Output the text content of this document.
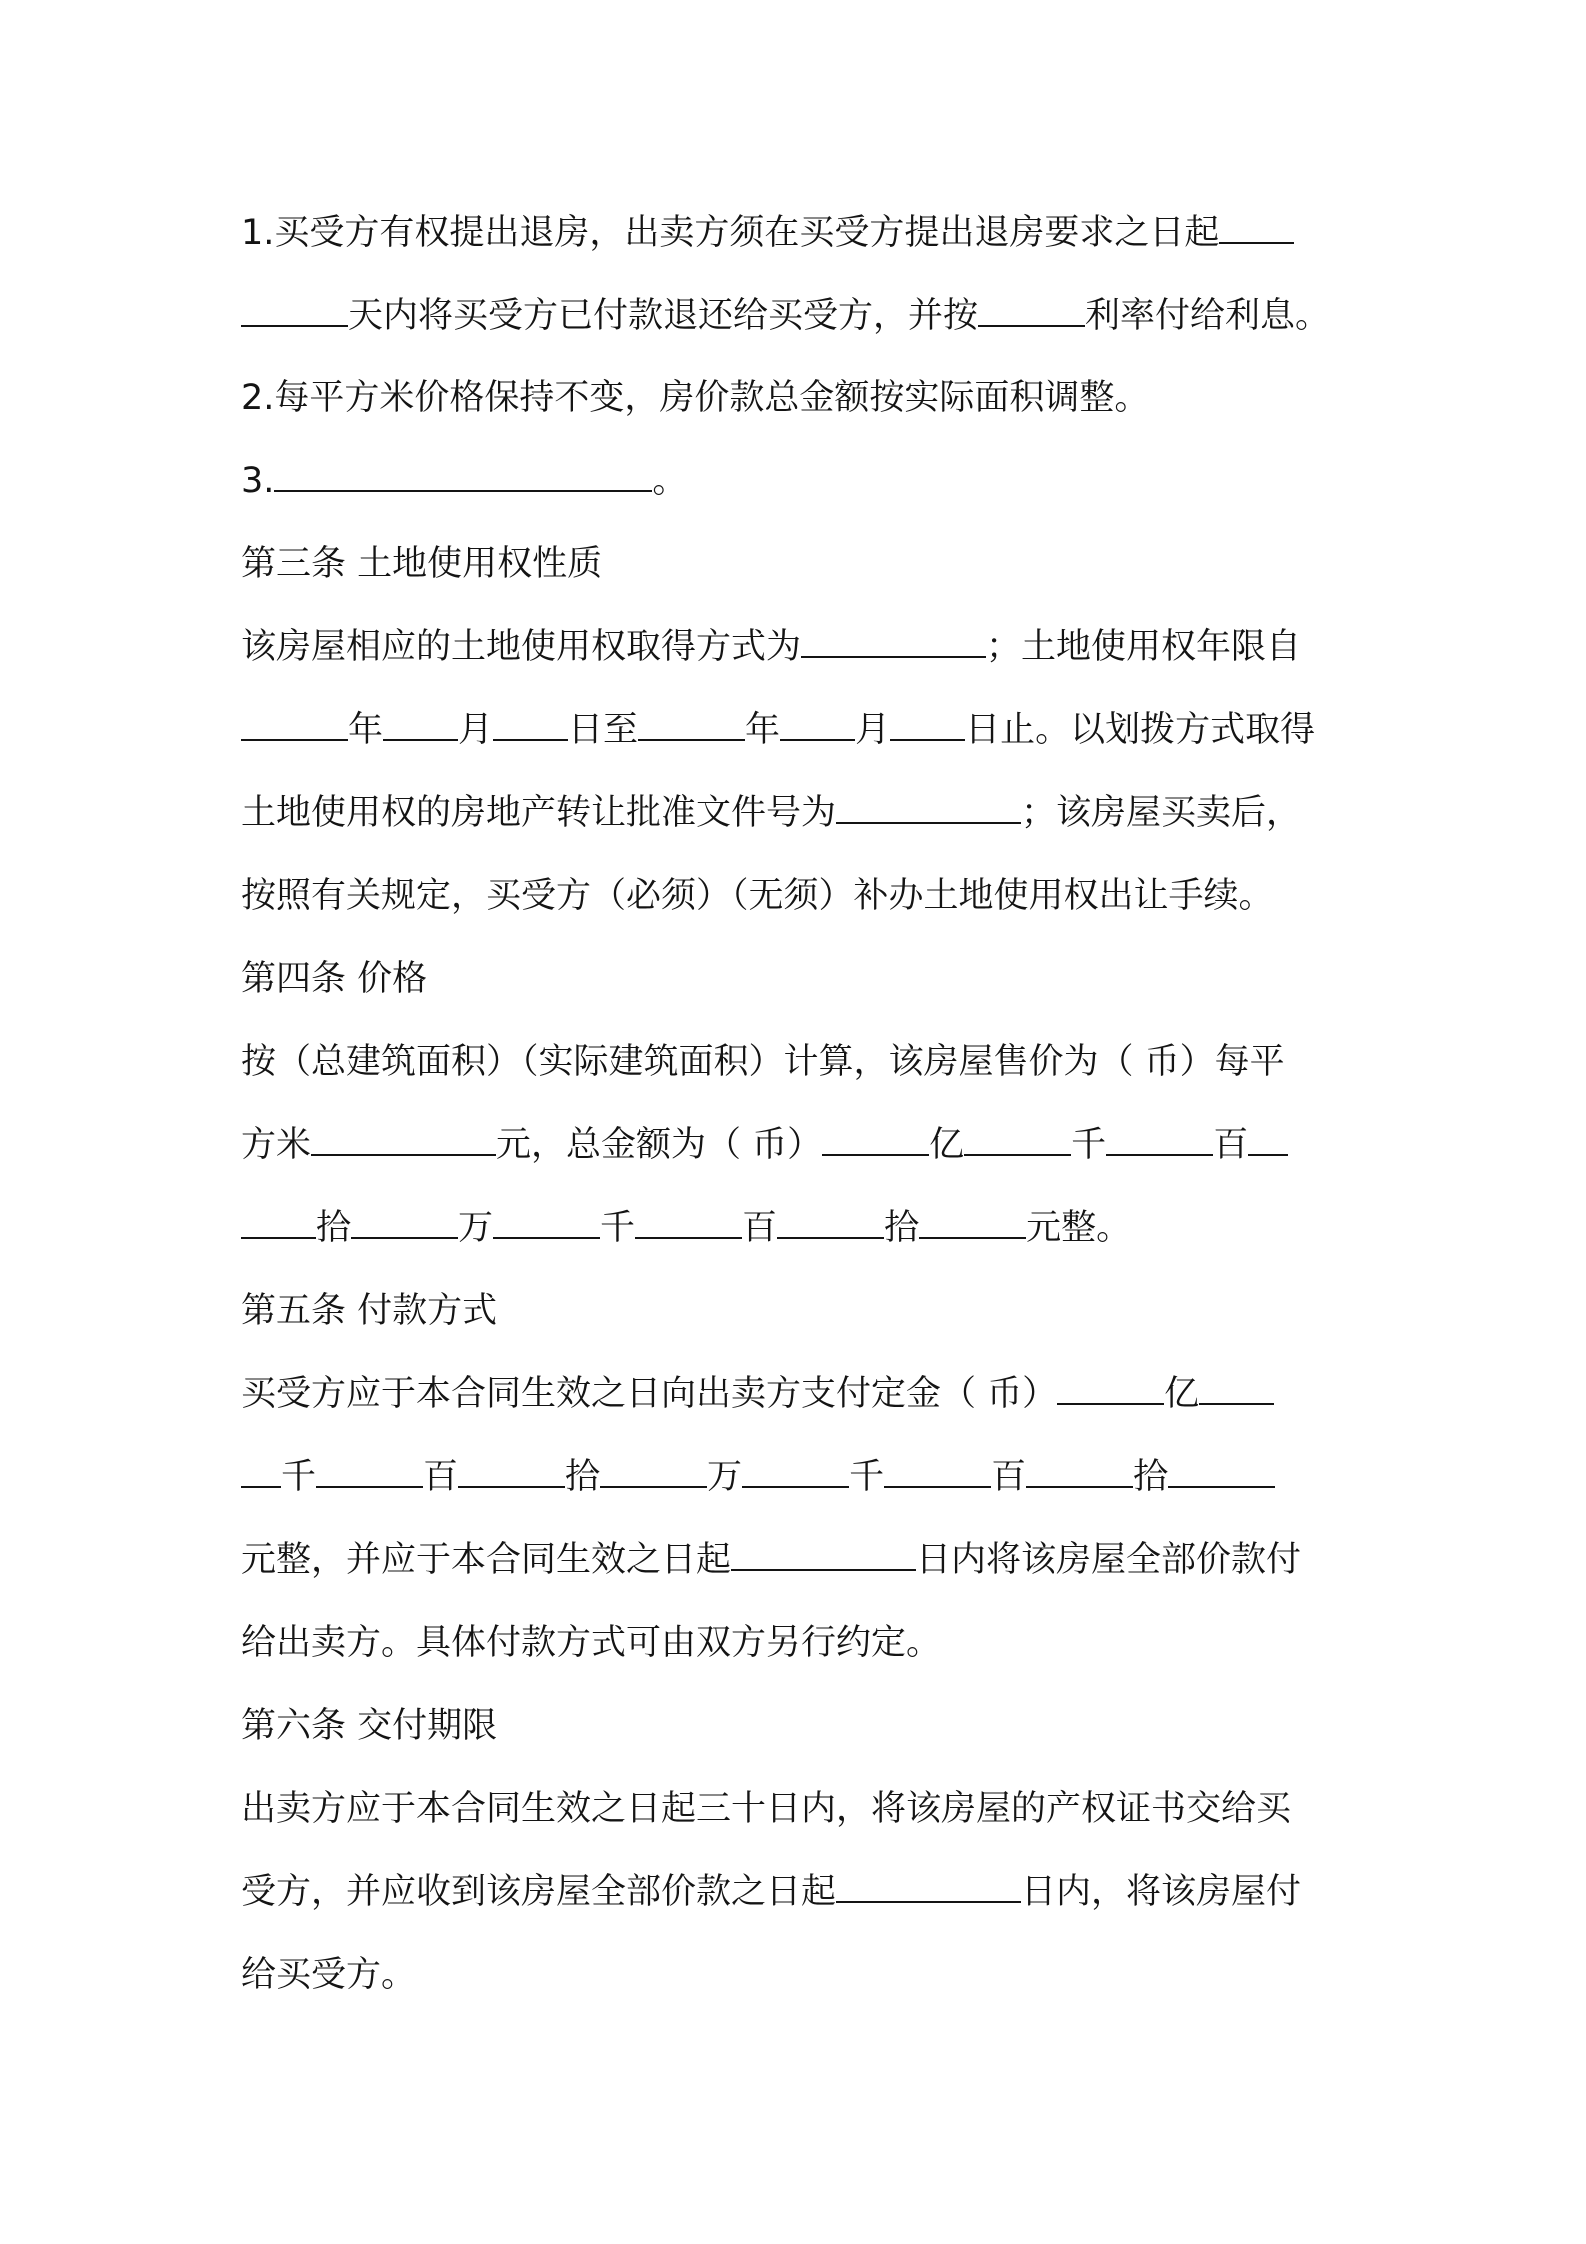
1.买受方有权提出退房，出卖方须在买受方提出退房要求之日起
天内将买受方已付款退还给买受方，并按	利率付给利息。
2.每平方米价格保持不变，房价款总金额按实际面积调整。
3.	。
第三条 土地使用权性质
该房屋相应的土地使用权取得方式为	；土地使用权年限自
年 月 日至	年 月 日止。以划拨方式取得
土地使用权的房地产转让批准文件号为	；该房屋买卖后，
按照有关规定，买受方（必须）（无须）补办土地使用权出让手续。
第四条 价格
按（总建筑面积）（实际建筑面积）计算，该房屋售价为（ 币）每平
方米	元，总金额为（ 币）	亿	千	百
拾	万	千	百	拾	元整。
第五条 付款方式
买受方应于本合同生效之日向出卖方支付定金（ 币）	亿
千	百	拾	万	千	百	拾
元整，并应于本合同生效之日起	日内将该房屋全部价款付
给出卖方。具体付款方式可由双方另行约定。
第六条 交付期限
出卖方应于本合同生效之日起三十日内，将该房屋的产权证书交给买
受方，并应收到该房屋全部价款之日起	日内，将该房屋付
给买受方。
